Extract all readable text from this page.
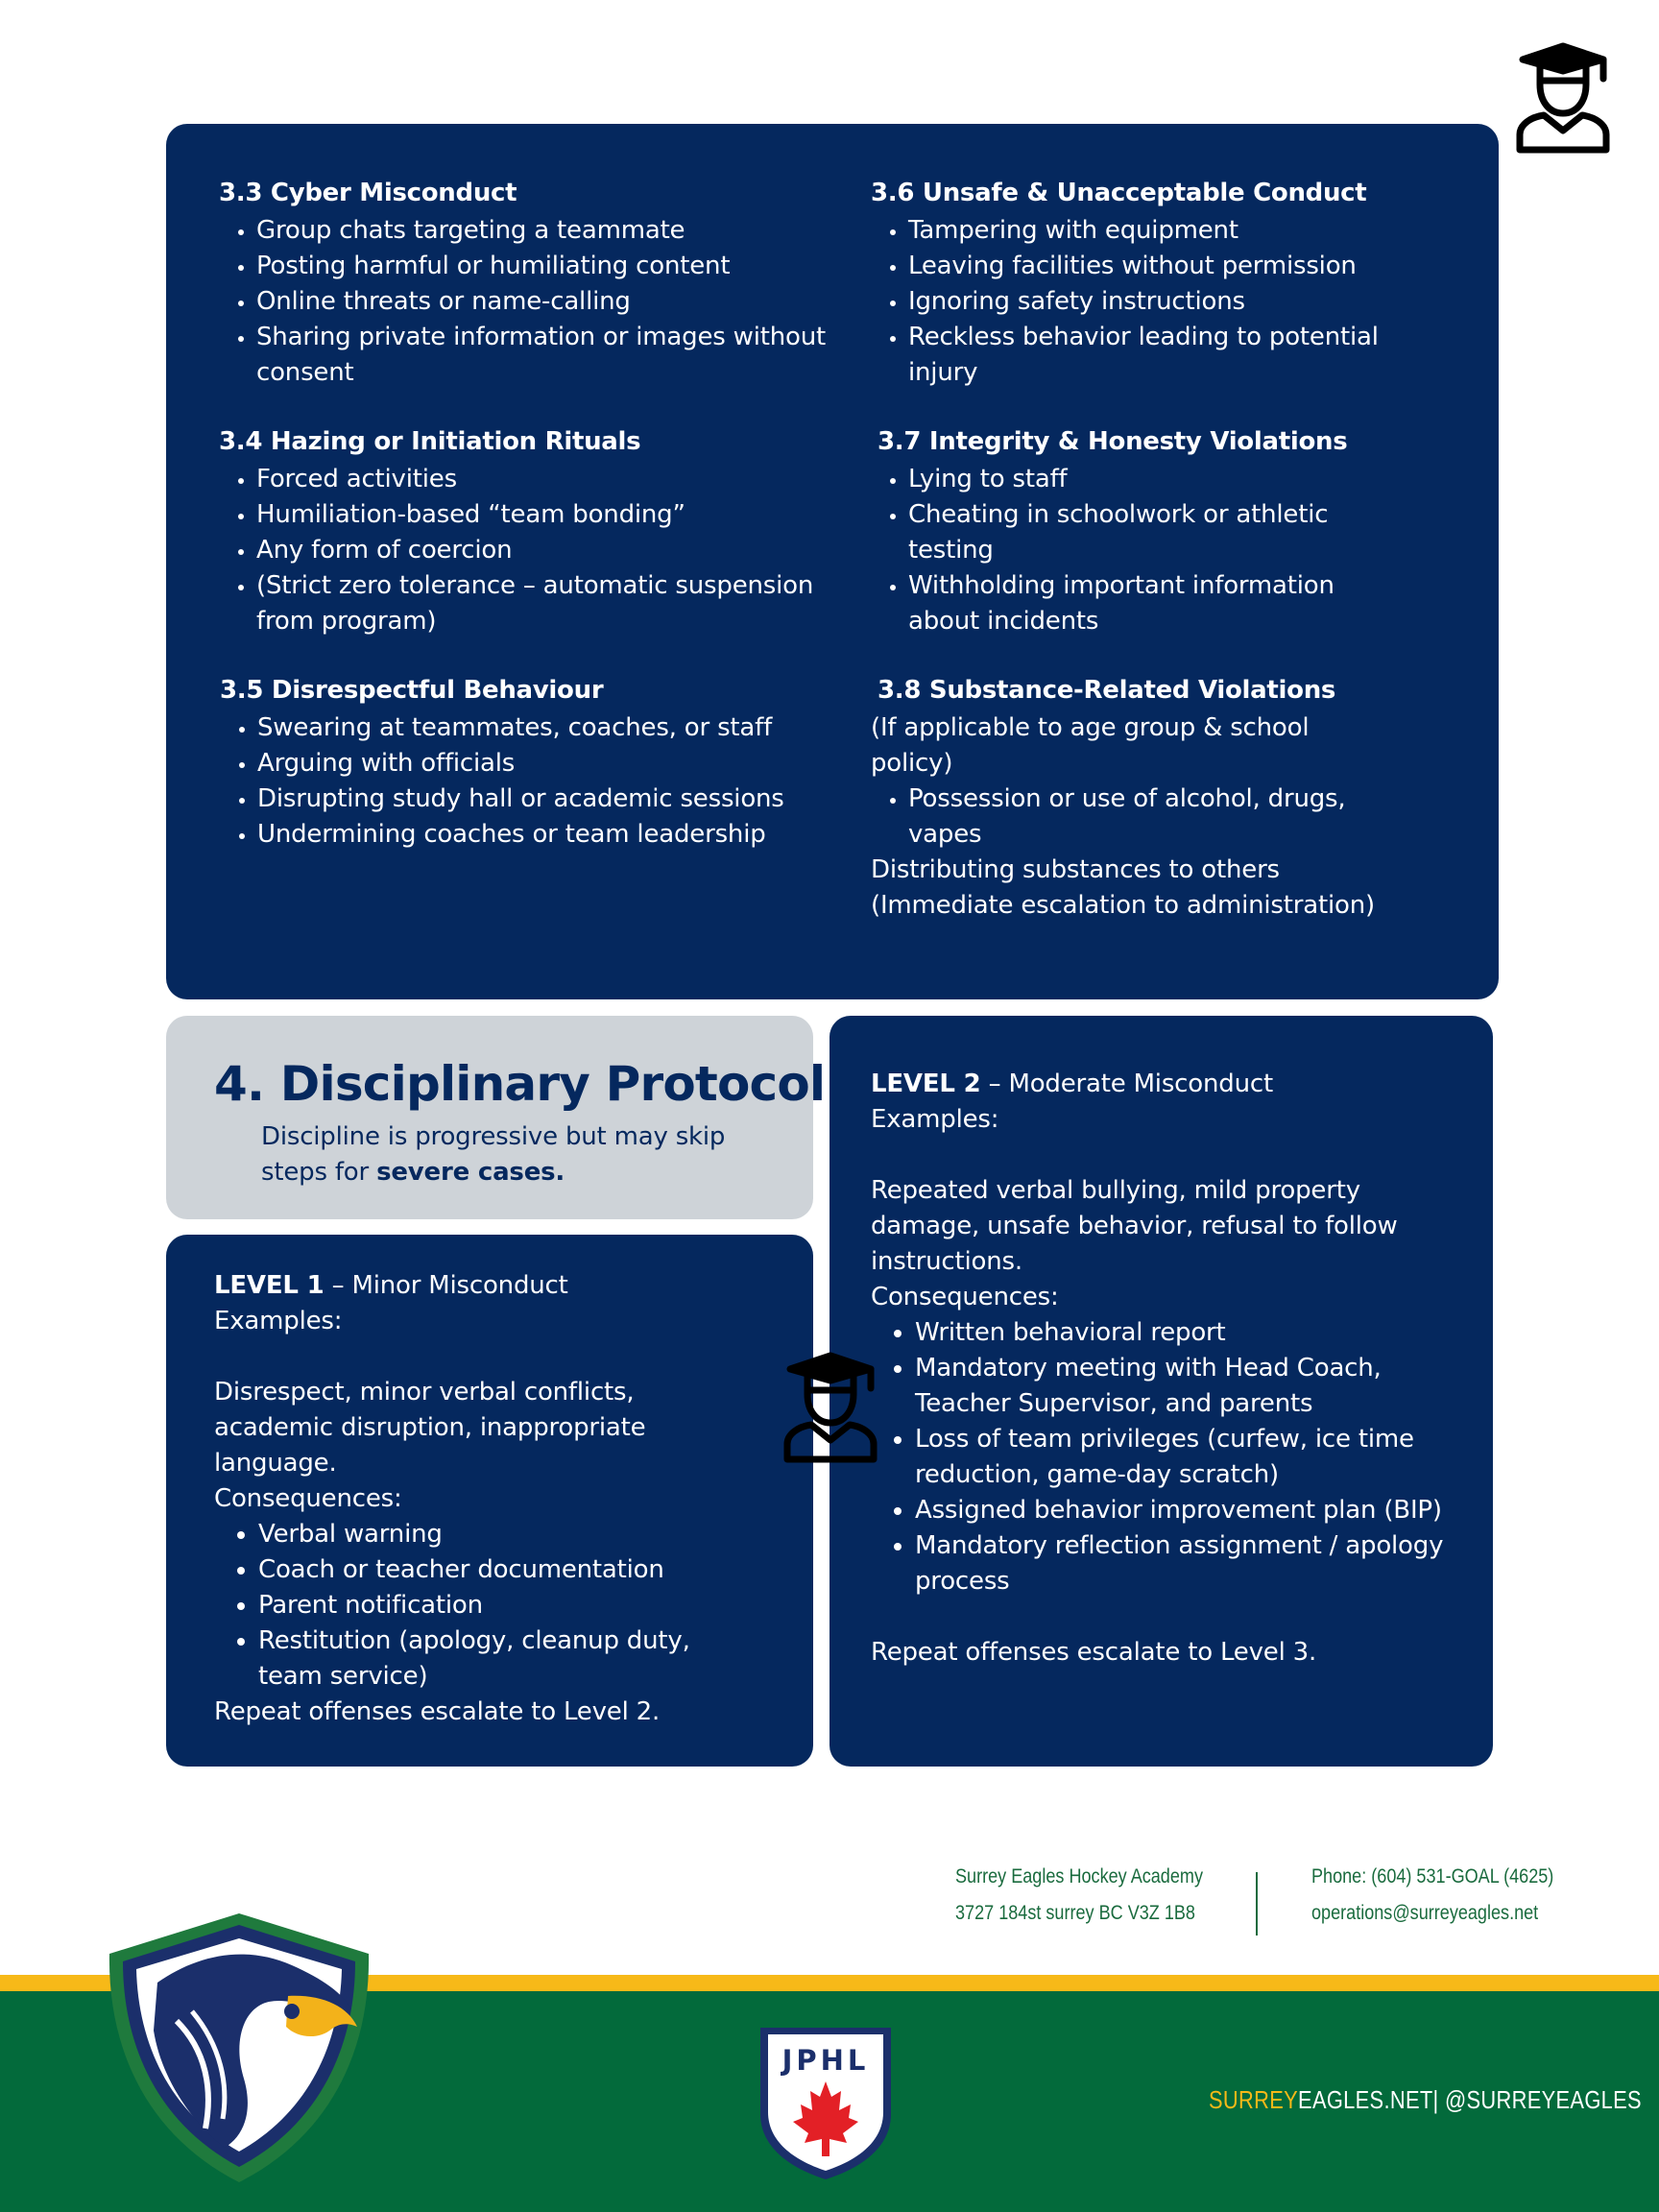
3.3 Cyber Misconduct
• Group chats targeting a teammate
• Posting harmful or humiliating content
• Online threats or name-calling
• Sharing private information or images without consent
3.4 Hazing or Initiation Rituals
• Forced activities
• Humiliation-based “team bonding”
• Any form of coercion
• (Strict zero tolerance – automatic suspension from program)
3.5 Disrespectful Behaviour
• Swearing at teammates, coaches, or staff
• Arguing with officials
• Disrupting study hall or academic sessions
• Undermining coaches or team leadership
3.6 Unsafe & Unacceptable Conduct
• Tampering with equipment
• Leaving facilities without permission
• Ignoring safety instructions
• Reckless behavior leading to potential injury
3.7 Integrity & Honesty Violations
• Lying to staff
• Cheating in schoolwork or athletic testing
• Withholding important information about incidents
3.8 Substance-Related Violations

(If applicable to age group & school policy)

• Possession or use of alcohol, drugs, vapes

Distributing substances to others

(Immediate escalation to administration)

4. Disciplinary Protocol

Discipline is progressive but may skip steps for severe cases.

LEVEL 1 – Minor Misconduct

Examples:

Disrespect, minor verbal conflicts, academic disruption, inappropriate language.

Consequences:

• Verbal warning
• Coach or teacher documentation
• Parent notification
• Restitution (apology, cleanup duty, team service)

Repeat offenses escalate to Level 2.

LEVEL 2 – Moderate Misconduct

Examples:

Repeated verbal bullying, mild property damage, unsafe behavior, refusal to follow instructions.

Consequences:

• Written behavioral report
• Mandatory meeting with Head Coach, Teacher Supervisor, and parents
• Loss of team privileges (curfew, ice time reduction, game-day scratch)
• Assigned behavior improvement plan (BIP)
• Mandatory reflection assignment / apology process

Repeat offenses escalate to Level 3.

Surrey Eagles Hockey Academy
3727 184st surrey BC V3Z 1B8
Phone: (604) 531-GOAL (4625)
operations@surreyeagles.net
JPHL
SURREYEAGLES.NET| @SURREYEAGLES
